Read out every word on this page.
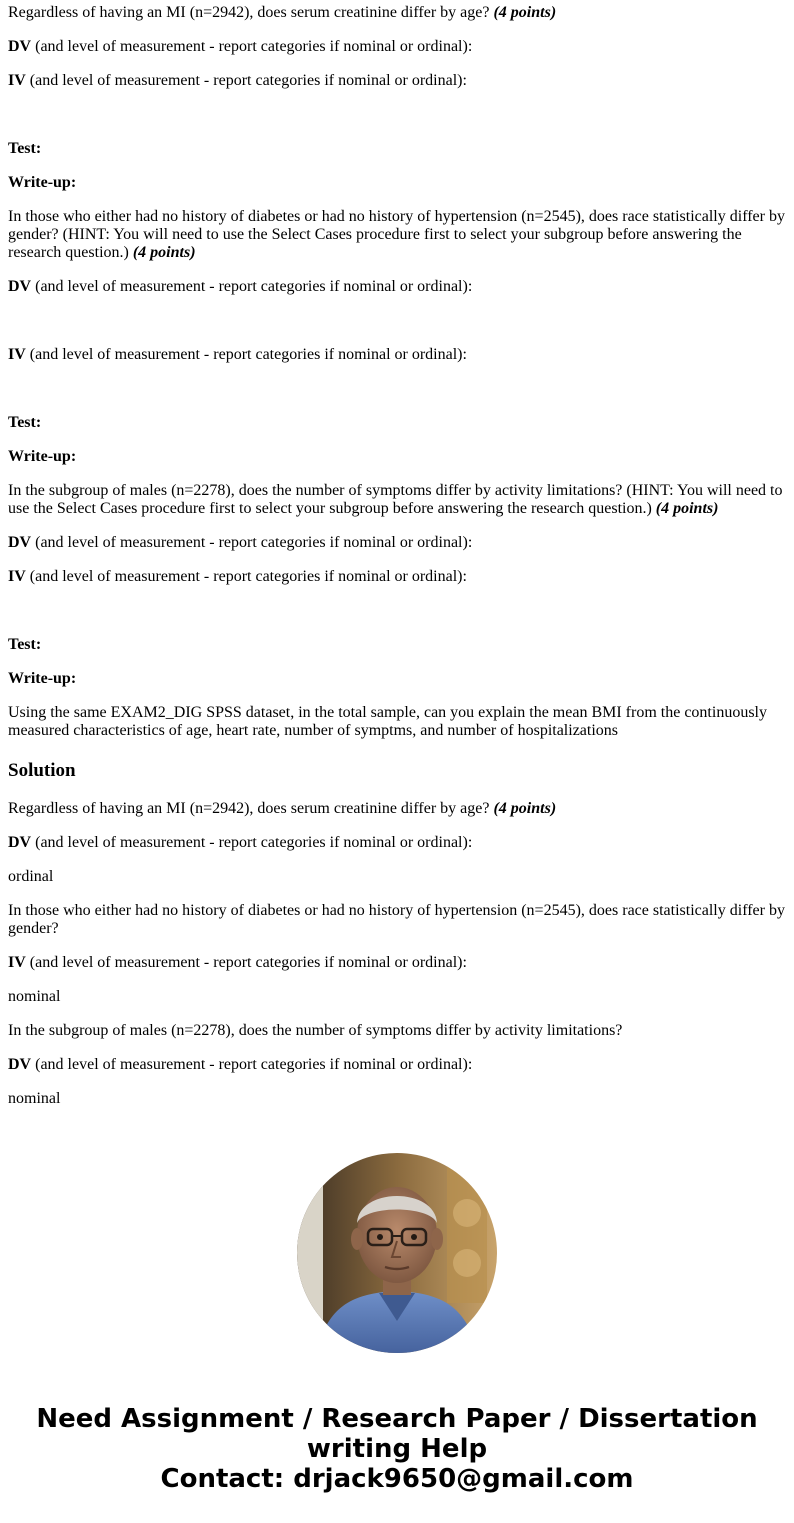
Regardless of having an MI (n=2942), does serum creatinine differ by age? (4 points)

DV (and level of measurement - report categories if nominal or ordinal):

IV (and level of measurement - report categories if nominal or ordinal):

Test:

Write-up:

In those who either had no history of diabetes or had no history of hypertension (n=2545), does race statistically differ by gender? (HINT: You will need to use the Select Cases procedure first to select your subgroup before answering the research question.) (4 points)

DV (and level of measurement - report categories if nominal or ordinal):

IV (and level of measurement - report categories if nominal or ordinal):

Test:

Write-up:

In the subgroup of males (n=2278), does the number of symptoms differ by activity limitations? (HINT: You will need to use the Select Cases procedure first to select your subgroup before answering the research question.) (4 points)

DV (and level of measurement - report categories if nominal or ordinal):

IV (and level of measurement - report categories if nominal or ordinal):

Test:

Write-up:

Using the same EXAM2_DIG SPSS dataset, in the total sample, can you explain the mean BMI from the continuously measured characteristics of age, heart rate, number of symptms, and number of hospitalizations

Solution

Regardless of having an MI (n=2942), does serum creatinine differ by age? (4 points)

DV (and level of measurement - report categories if nominal or ordinal):

ordinal

In those who either had no history of diabetes or had no history of hypertension (n=2545), does race statistically differ by gender?

IV (and level of measurement - report categories if nominal or ordinal):

nominal

In the subgroup of males (n=2278), does the number of symptoms differ by activity limitations?

DV (and level of measurement - report categories if nominal or ordinal):

nominal

Need Assignment / Research Paper / Dissertation writing Help
Contact: drjack9650@gmail.com
